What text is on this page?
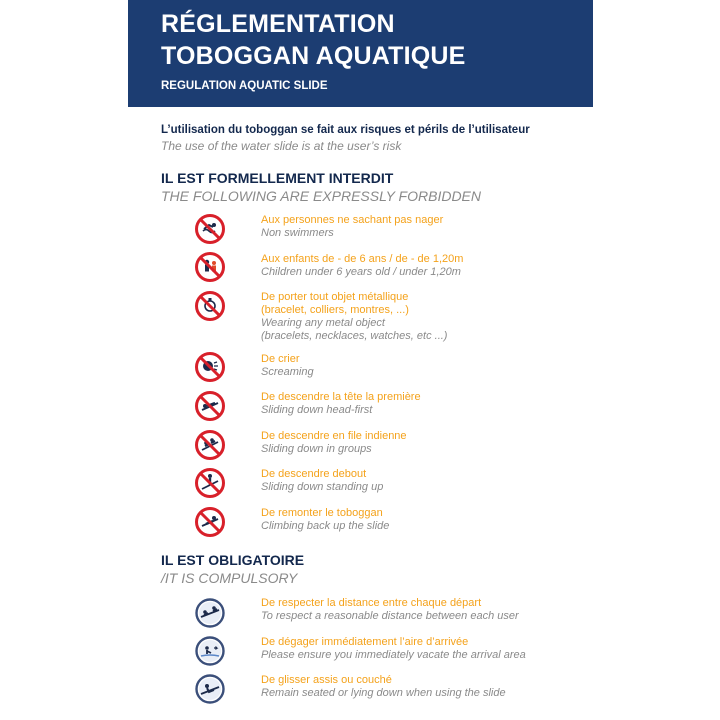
RÉGLEMENTATION
TOBOGGAN AQUATIQUE
REGULATION AQUATIC SLIDE
L’utilisation du toboggan se fait aux risques et périls de l’utilisateur
The use of the water slide is at the user’s risk
IL EST FORMELLEMENT INTERDIT
THE FOLLOWING ARE EXPRESSLY FORBIDDEN
Aux personnes ne sachant pas nager
Non swimmers
Aux enfants de - de 6 ans / de - de 1,20m
Children under 6 years old / under 1,20m
De porter tout objet métallique
(bracelet, colliers, montres, ...)
Wearing any metal object
(bracelets, necklaces, watches, etc ...)
De crier
Screaming
De descendre la tête la première
Sliding down head-first
De descendre en file indienne
Sliding down in groups
De descendre debout
Sliding down standing up
De remonter le toboggan
Climbing back up the slide
IL EST OBLIGATOIRE
/IT IS COMPULSORY
De respecter la distance entre chaque départ
To respect a reasonable distance between each user
De dégager immédiatement l’aire d’arrivée
Please ensure you immediately vacate the arrival area
De glisser assis ou couché
Remain seated or lying down when using the slide
